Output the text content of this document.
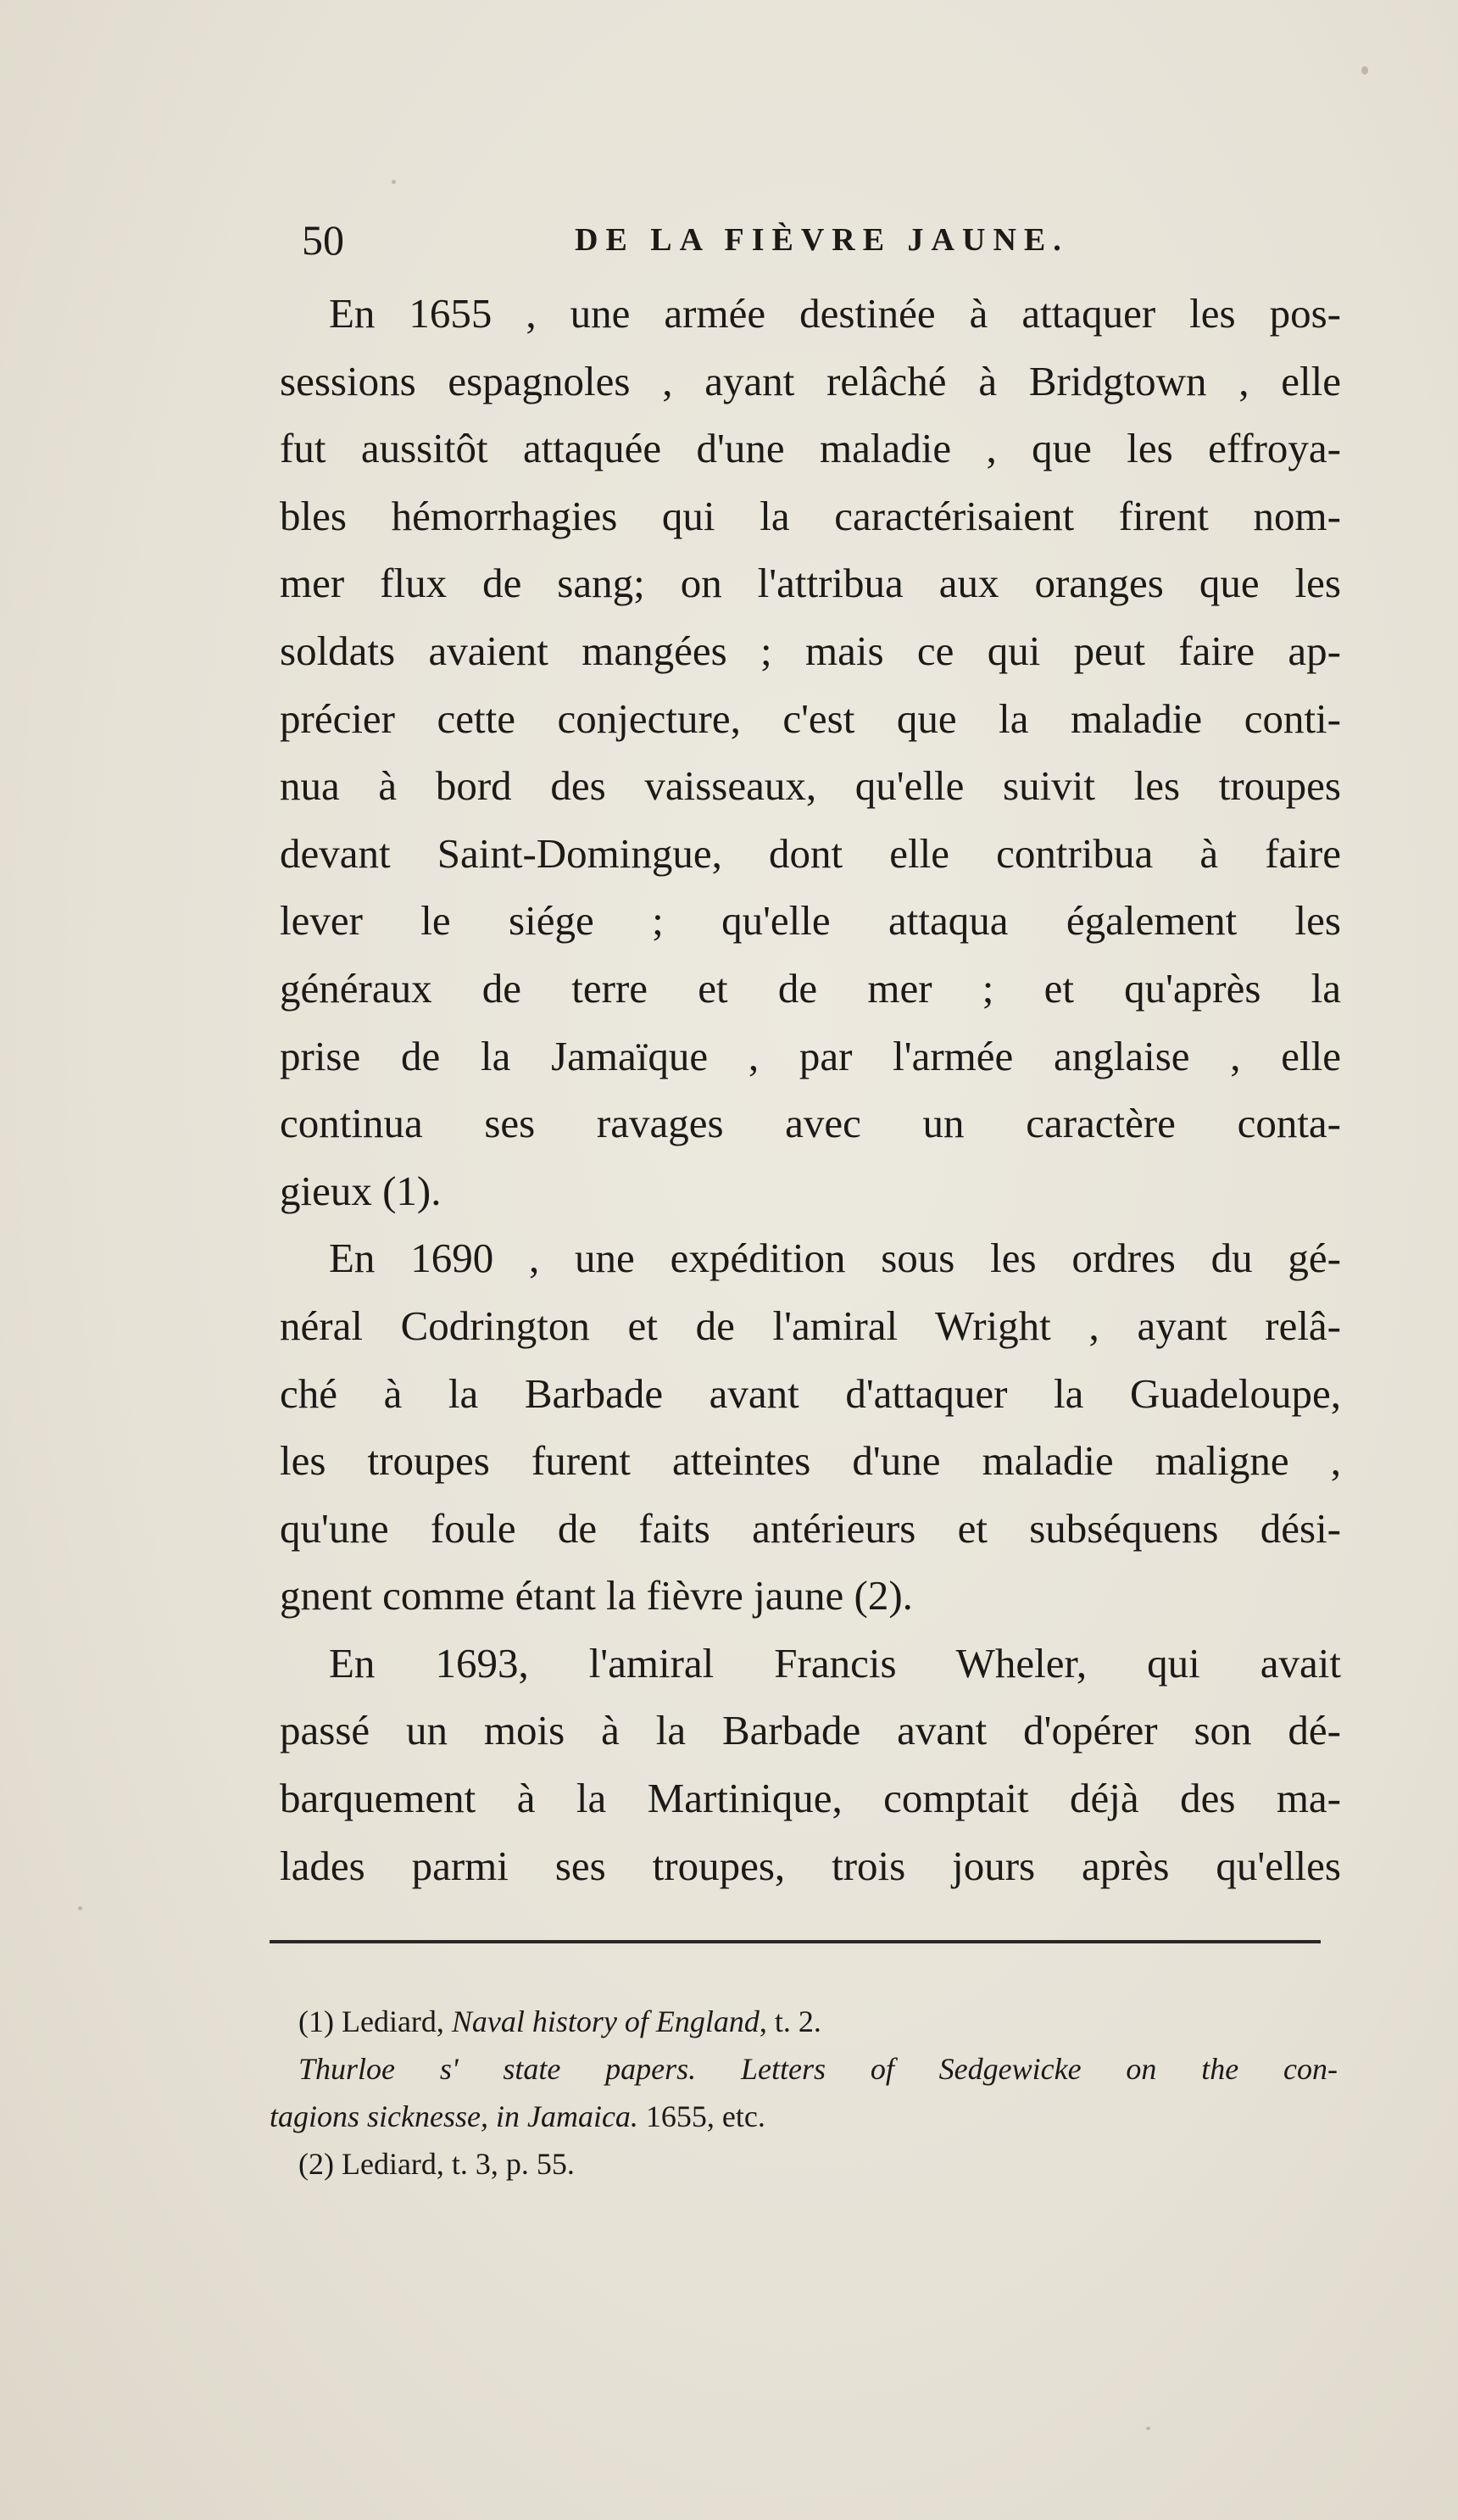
50	DE LA FIÈVRE JAUNE.
En 1655 , une armée destinée à attaquer les pos-
sessions espagnoles , ayant relâché à Bridgtown , elle
fut aussitôt attaquée d'une maladie , que les effroya-
bles hémorrhagies qui la caractérisaient firent nom-
mer flux de sang; on l'attribua aux oranges que les
soldats avaient mangées ; mais ce qui peut faire ap-
précier cette conjecture, c'est que la maladie conti-
nua à bord des vaisseaux, qu'elle suivit les troupes
devant Saint-Domingue, dont elle contribua à faire
lever le siége ; qu'elle attaqua également les
généraux de terre et de mer ; et qu'après la
prise de la Jamaïque , par l'armée anglaise , elle
continua ses ravages avec un caractère conta-
gieux (1).
En 1690 , une expédition sous les ordres du gé-
néral Codrington et de l'amiral Wright , ayant relâ-
ché à la Barbade avant d'attaquer la Guadeloupe,
les troupes furent atteintes d'une maladie maligne ,
qu'une foule de faits antérieurs et subséquens dési-
gnent comme étant la fièvre jaune (2).
En 1693, l'amiral Francis Wheler, qui avait
passé un mois à la Barbade avant d'opérer son dé-
barquement à la Martinique, comptait déjà des ma-
lades parmi ses troupes, trois jours après qu'elles
(1) Lediard, Naval history of England, t. 2.
Thurloe s' state papers. Letters of Sedgewicke on the con-
tagions sicknesse, in Jamaica. 1655, etc.
(2) Lediard, t. 3, p. 55.
